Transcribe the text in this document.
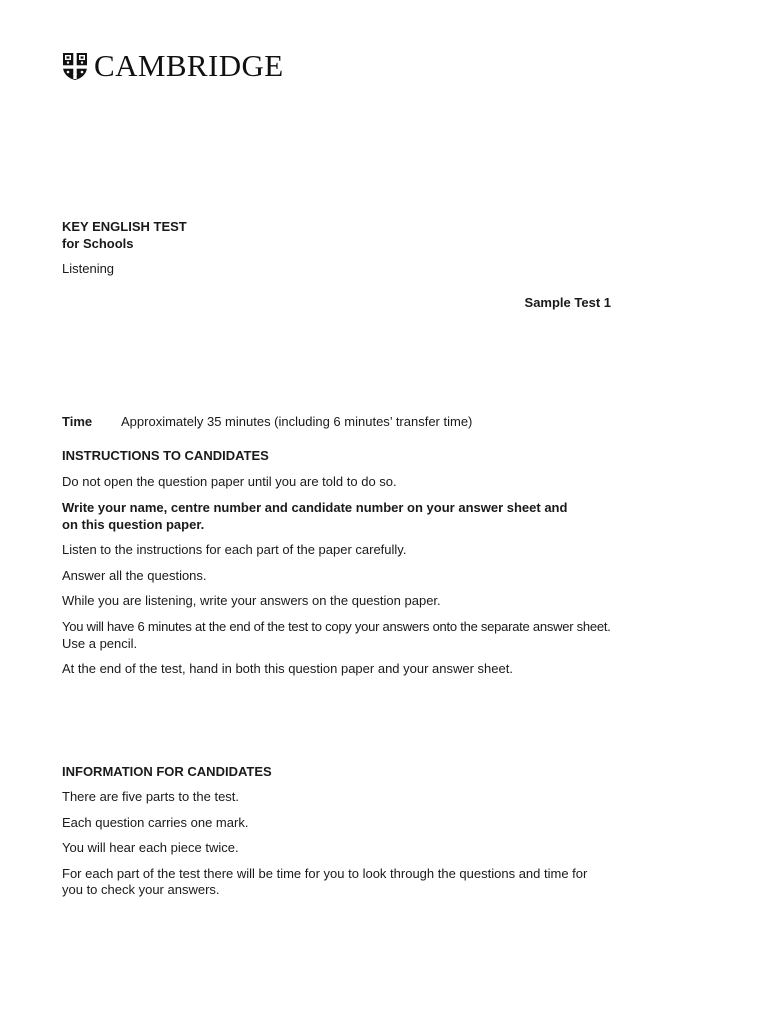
CAMBRIDGE
KEY ENGLISH TEST
for Schools
Listening
Sample Test 1
Time Approximately 35 minutes (including 6 minutes’ transfer time)
INSTRUCTIONS TO CANDIDATES
Do not open the question paper until you are told to do so.
Write your name, centre number and candidate number on your answer sheet and
on this question paper.
Listen to the instructions for each part of the paper carefully.
Answer all the questions.
While you are listening, write your answers on the question paper.
You will have 6 minutes at the end of the test to copy your answers onto the separate answer sheet.
Use a pencil.
At the end of the test, hand in both this question paper and your answer sheet.
INFORMATION FOR CANDIDATES
There are five parts to the test.
Each question carries one mark.
You will hear each piece twice.
For each part of the test there will be time for you to look through the questions and time for
you to check your answers.
